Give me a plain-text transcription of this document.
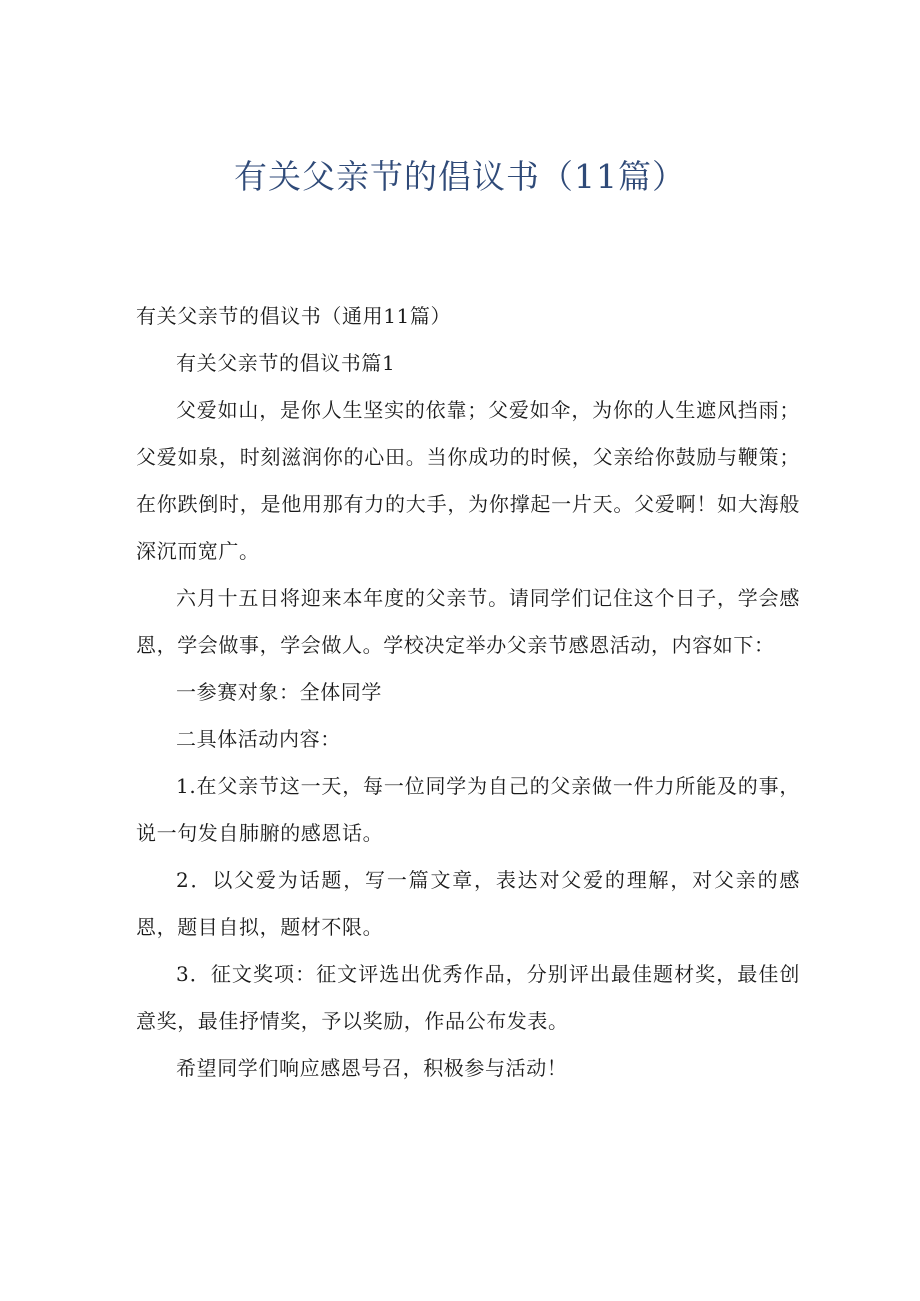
有关父亲节的倡议书（11篇）

有关父亲节的倡议书（通用11篇）

有关父亲节的倡议书篇1

父爱如山，是你人生坚实的依靠；父爱如伞，为你的人生遮风挡雨；父爱如泉，时刻滋润你的心田。当你成功的时候，父亲给你鼓励与鞭策；在你跌倒时，是他用那有力的大手，为你撑起一片天。父爱啊！如大海般深沉而宽广。

六月十五日将迎来本年度的父亲节。请同学们记住这个日子，学会感恩，学会做事，学会做人。学校决定举办父亲节感恩活动，内容如下：

一参赛对象：全体同学

二具体活动内容：

1.在父亲节这一天，每一位同学为自己的父亲做一件力所能及的事，说一句发自肺腑的感恩话。

2．以父爱为话题，写一篇文章，表达对父爱的理解，对父亲的感恩，题目自拟，题材不限。

3．征文奖项：征文评选出优秀作品，分别评出最佳题材奖，最佳创意奖，最佳抒情奖，予以奖励，作品公布发表。

希望同学们响应感恩号召，积极参与活动！
